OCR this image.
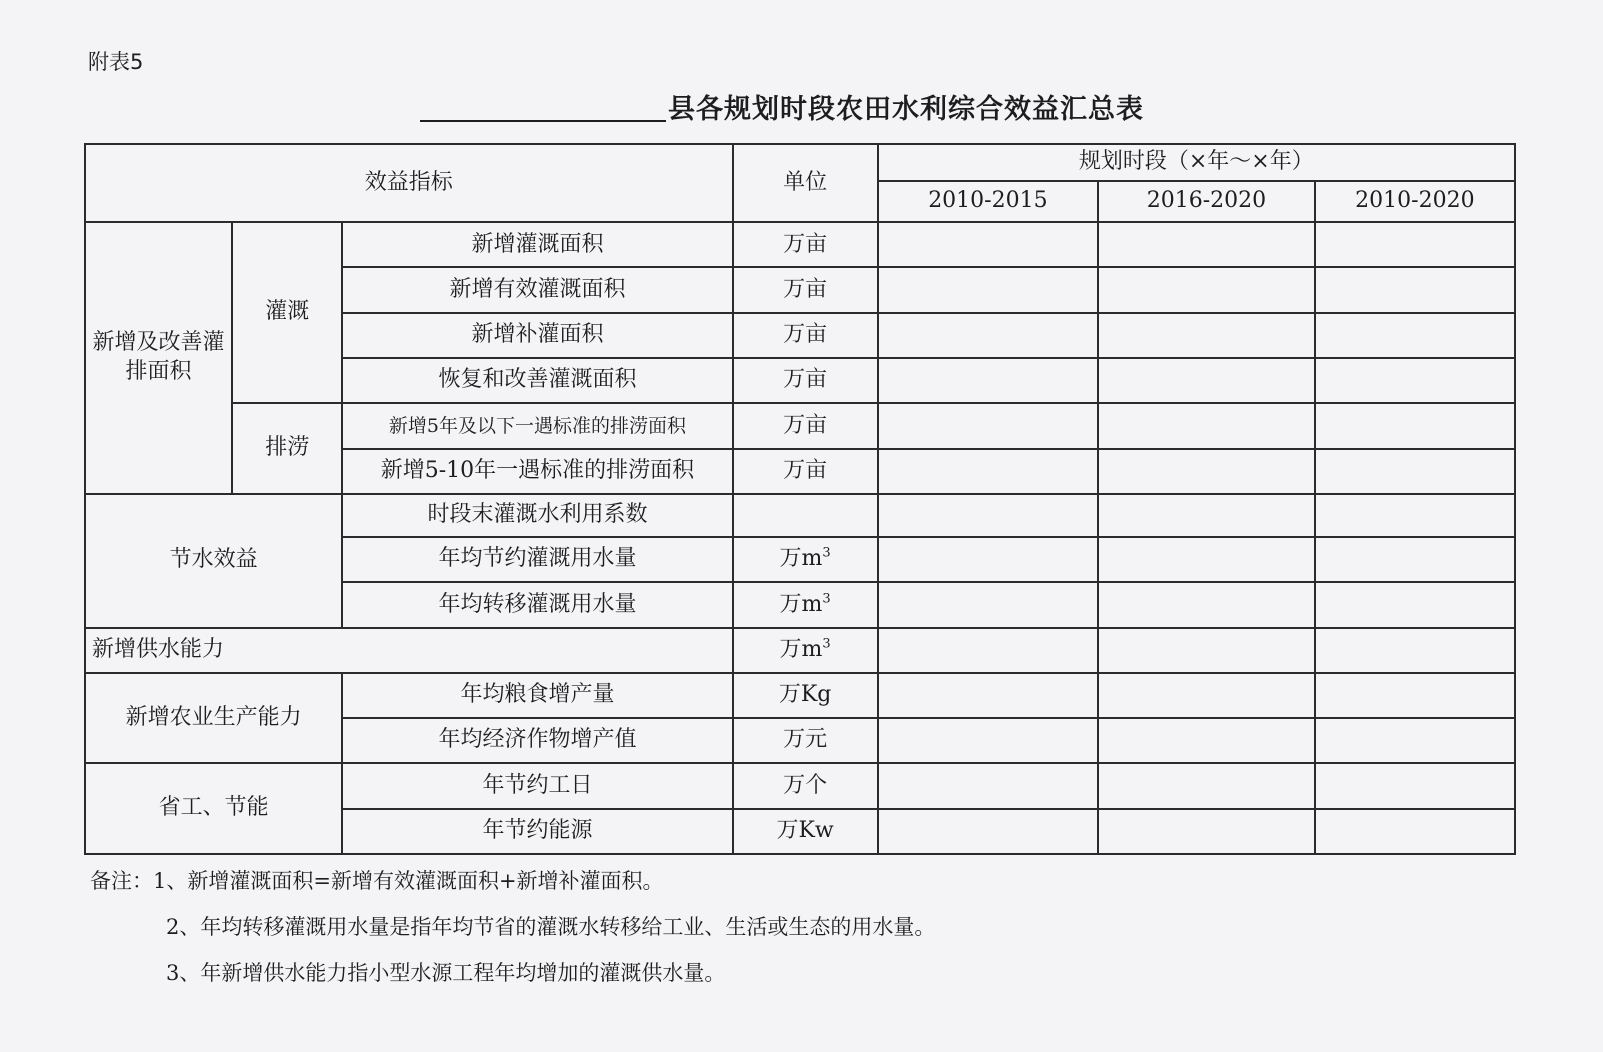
附表5
县各规划时段农田水利综合效益汇总表
效益指标			单位	规划时段（×年～×年）		
				2010-2015	2016-2020	2010-2020
新增及改善灌排面积	灌溉	新增灌溉面积	万亩			
		新增有效灌溉面积	万亩			
		新增补灌面积	万亩			
		恢复和改善灌溉面积	万亩			
	排涝	新增5年及以下一遇标准的排涝面积	万亩			
		新增5-10年一遇标准的排涝面积	万亩			
节水效益		时段末灌溉水利用系数				
		年均节约灌溉用水量	万$m^3$			
		年均转移灌溉用水量	万$m^3$			
新增供水能力			万$m^3$			
新增农业生产能力		年均粮食增产量	万Kg			
		年均经济作物增产值	万元			
省工、节能		年节约工日	万个			
		年节约能源	万Kw			
备注：1、新增灌溉面积=新增有效灌溉面积+新增补灌面积。
2、年均转移灌溉用水量是指年均节省的灌溉水转移给工业、生活或生态的用水量。
3、年新增供水能力指小型水源工程年均增加的灌溉供水量。
